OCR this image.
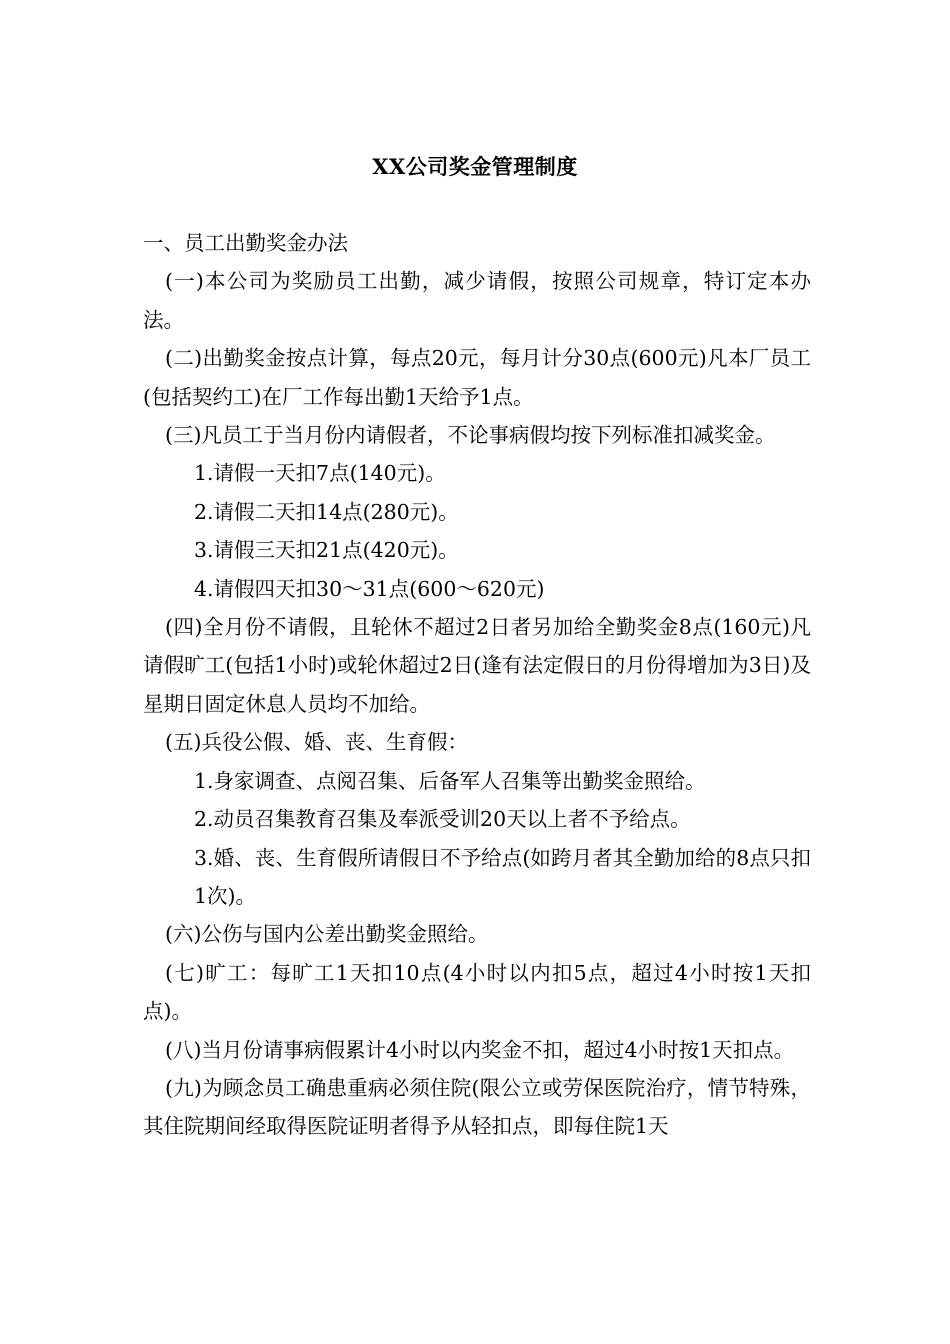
XX公司奖金管理制度

一、员工出勤奖金办法

(一)本公司为奖励员工出勤，减少请假，按照公司规章，特订定本办法。

(二)出勤奖金按点计算，每点20元，每月计分30点(600元)凡本厂员工(包括契约工)在厂工作每出勤1天给予1点。

(三)凡员工于当月份内请假者，不论事病假均按下列标准扣减奖金。

1.请假一天扣7点(140元)。

2.请假二天扣14点(280元)。

3.请假三天扣21点(420元)。

4.请假四天扣30～31点(600～620元)

(四)全月份不请假，且轮休不超过2日者另加给全勤奖金8点(160元)凡请假旷工(包括1小时)或轮休超过2日(逢有法定假日的月份得增加为3日)及星期日固定休息人员均不加给。

(五)兵役公假、婚、丧、生育假：

1.身家调查、点阅召集、后备军人召集等出勤奖金照给。

2.动员召集教育召集及奉派受训20天以上者不予给点。

3.婚、丧、生育假所请假日不予给点(如跨月者其全勤加给的8点只扣1次)。

(六)公伤与国内公差出勤奖金照给。

(七)旷工：每旷工1天扣10点(4小时以内扣5点，超过4小时按1天扣点)。

(八)当月份请事病假累计4小时以内奖金不扣，超过4小时按1天扣点。

(九)为顾念员工确患重病必须住院(限公立或劳保医院治疗，情节特殊，其住院期间经取得医院证明者得予从轻扣点，即每住院1天
